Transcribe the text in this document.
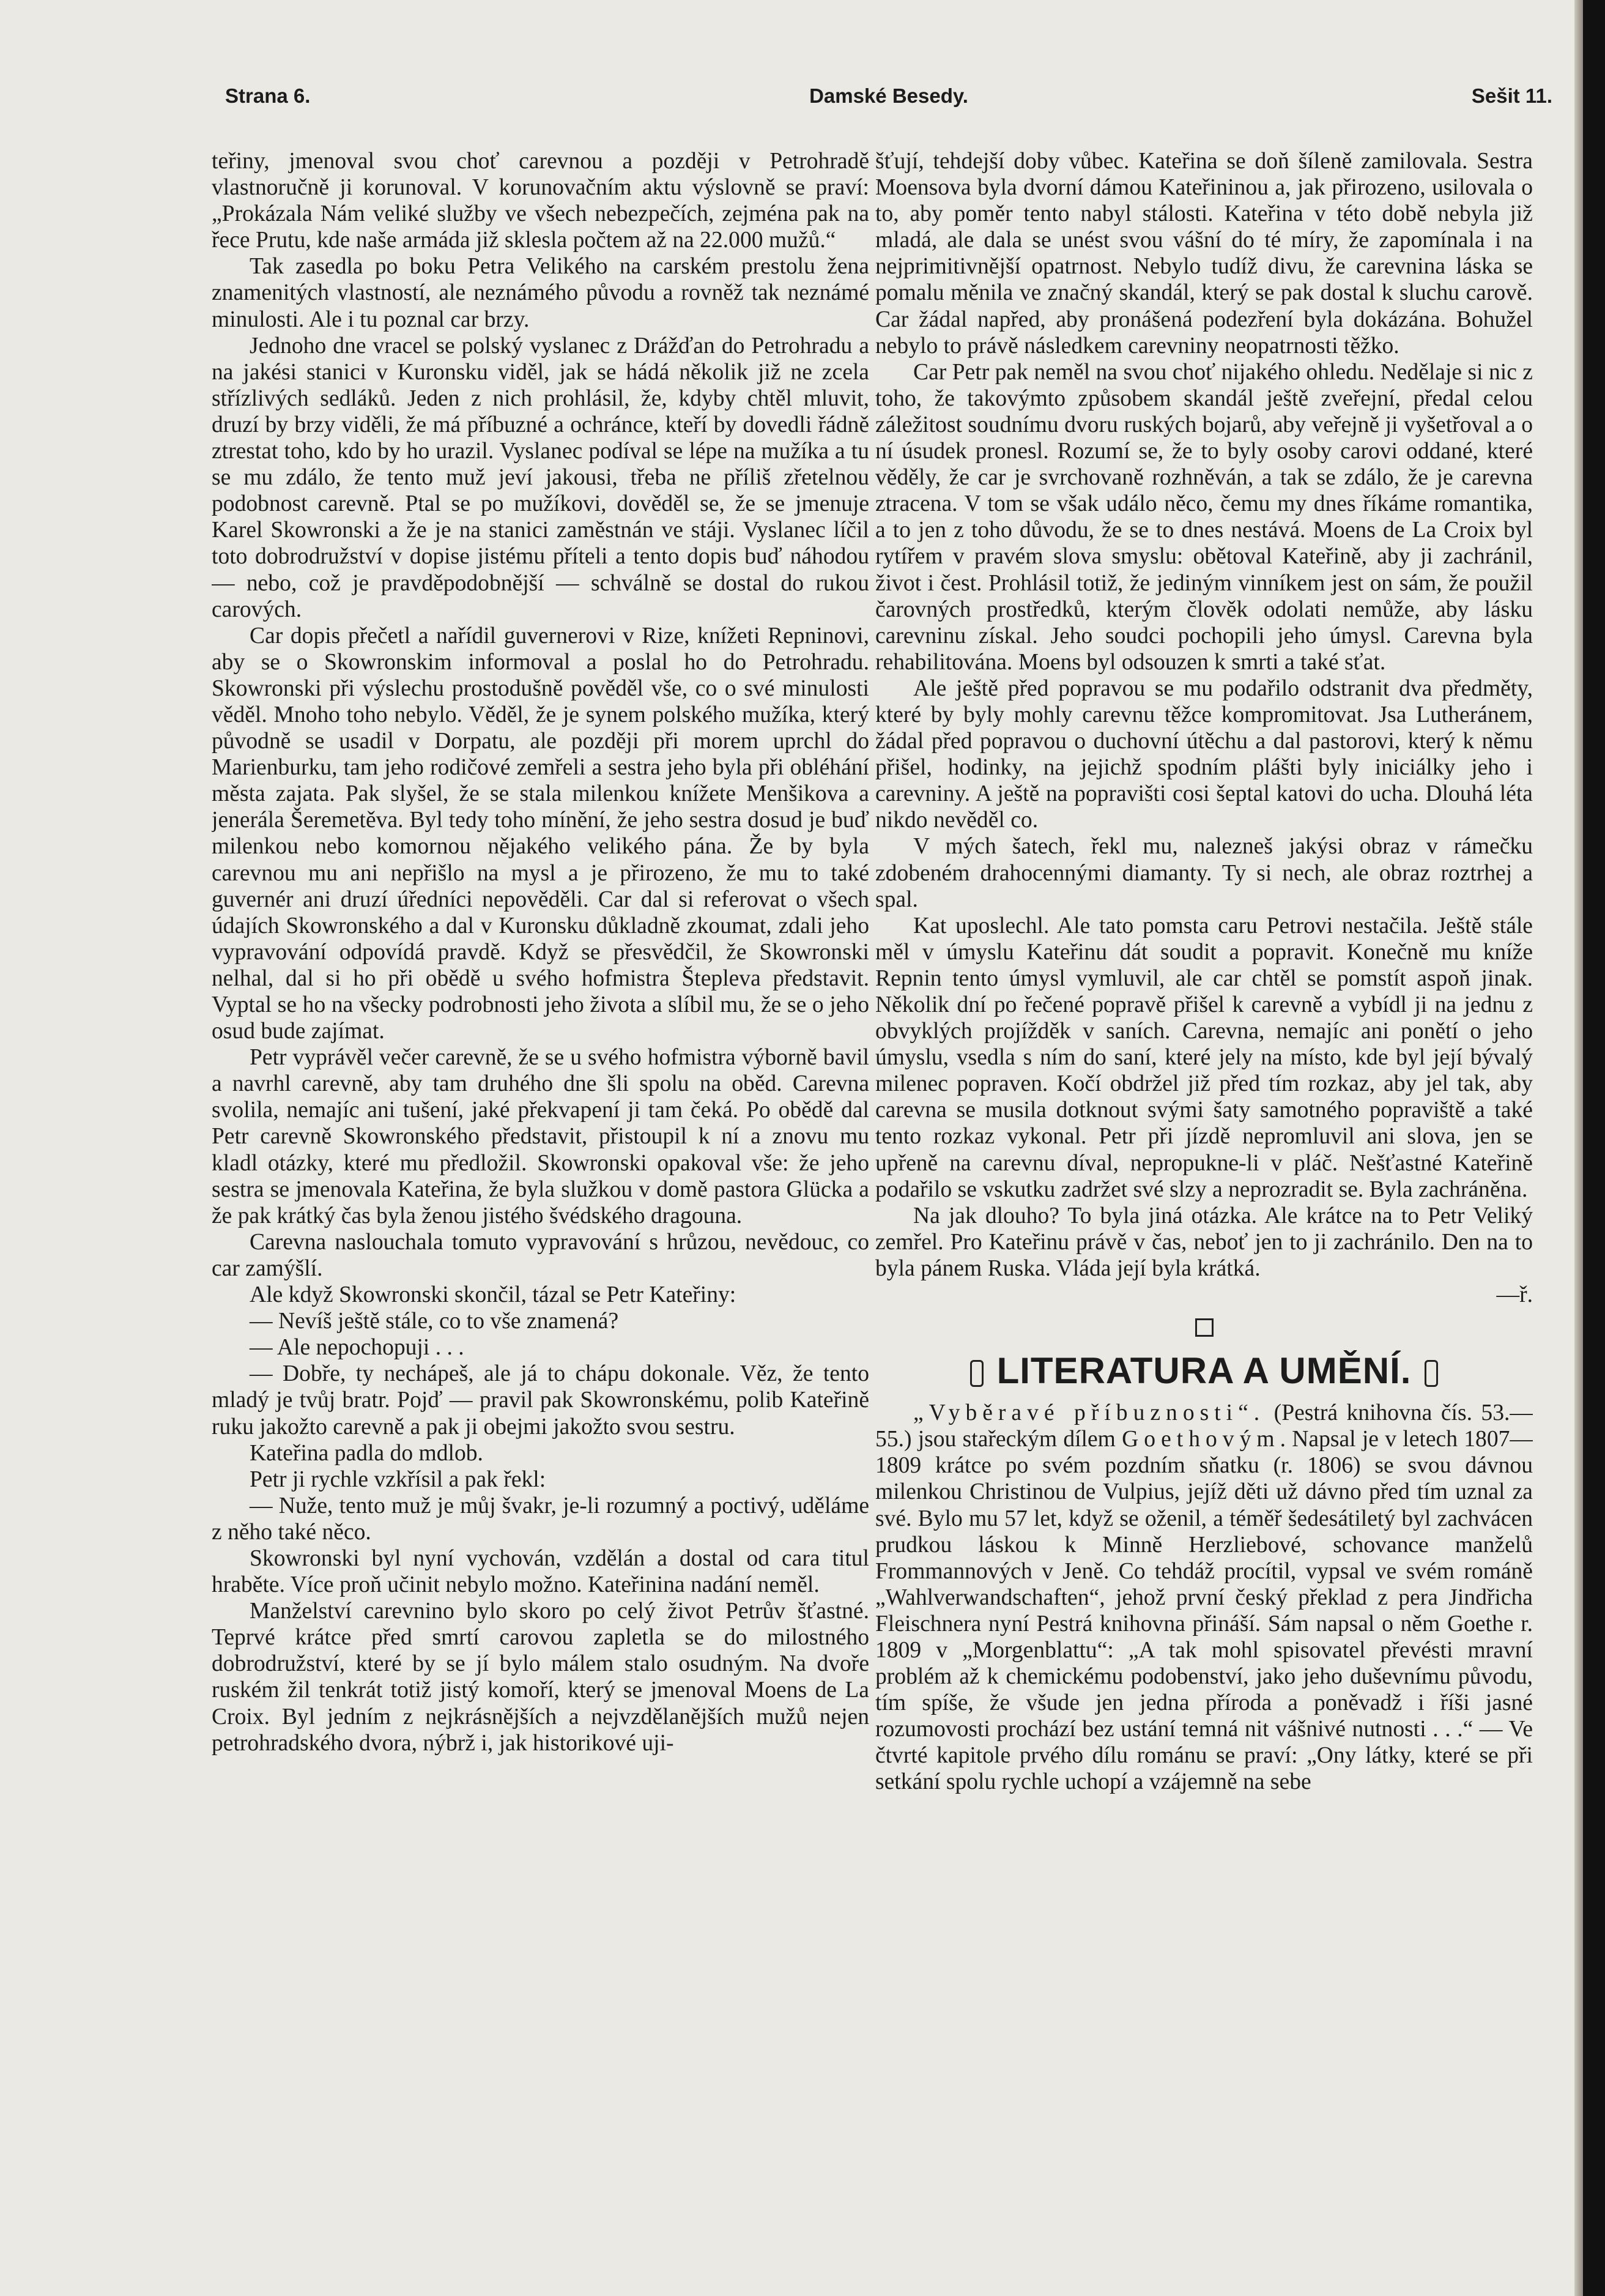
Strana 6.	Damské Besedy.	Sešit 11.

teřiny, jmenoval svou choť carevnou a později v Petrohradě vlastnoručně ji korunoval. V korunovačním aktu výslovně se praví: „Prokázala Nám veliké služby ve všech nebezpečích, zejména pak na řece Prutu, kde naše armáda již sklesla počtem až na 22.000 mužů.“

Tak zasedla po boku Petra Velikého na carském prestolu žena znamenitých vlastností, ale neznámého původu a rovněž tak neznámé minulosti. Ale i tu poznal car brzy.

Jednoho dne vracel se polský vyslanec z Drážďan do Petrohradu a na jakési stanici v Kuronsku viděl, jak se hádá několik již ne zcela střízlivých sedláků. Jeden z nich prohlásil, že, kdyby chtěl mluvit, druzí by brzy viděli, že má příbuzné a ochránce, kteří by dovedli řádně ztrestat toho, kdo by ho urazil. Vyslanec podíval se lépe na mužíka a tu se mu zdálo, že tento muž jeví jakousi, třeba ne příliš zřetelnou podobnost carevně. Ptal se po mužíkovi, dověděl se, že se jmenuje Karel Skowronski a že je na stanici zaměstnán ve stáji. Vyslanec líčil toto dobrodružství v dopise jistému příteli a tento dopis buď náhodou — nebo, což je pravděpodobnější — schválně se dostal do rukou carových.

Car dopis přečetl a nařídil guvernerovi v Rize, knížeti Repninovi, aby se o Skowronskim informoval a poslal ho do Petrohradu. Skowronski při výslechu prostodušně pověděl vše, co o své minulosti věděl. Mnoho toho nebylo. Věděl, že je synem polského mužíka, který původně se usadil v Dorpatu, ale později při morem uprchl do Marienburku, tam jeho rodičové zemřeli a sestra jeho byla při obléhání města zajata. Pak slyšel, že se stala milenkou knížete Menšikova a jenerála Šeremetěva. Byl tedy toho mínění, že jeho sestra dosud je buď milenkou nebo komornou nějakého velikého pána. Že by byla carevnou mu ani nepřišlo na mysl a je přirozeno, že mu to také guvernér ani druzí úředníci nepověděli. Car dal si referovat o všech údajích Skowronského a dal v Kuronsku důkladně zkoumat, zdali jeho vypravování odpovídá pravdě. Když se přesvědčil, že Skowronski nelhal, dal si ho při obědě u svého hofmistra Štepleva představit. Vyptal se ho na všecky podrobnosti jeho života a slíbil mu, že se o jeho osud bude zajímat.

Petr vyprávěl večer carevně, že se u svého hofmistra výborně bavil a navrhl carevně, aby tam druhého dne šli spolu na oběd. Carevna svolila, nemajíc ani tušení, jaké překvapení ji tam čeká. Po obědě dal Petr carevně Skowronského představit, přistoupil k ní a znovu mu kladl otázky, které mu předložil. Skowronski opakoval vše: že jeho sestra se jmenovala Kateřina, že byla služkou v domě pastora Glücka a že pak krátký čas byla ženou jistého švédského dragouna.

Carevna naslouchala tomuto vypravování s hrůzou, nevědouc, co car zamýšlí.

Ale když Skowronski skončil, tázal se Petr Kateřiny:

— Nevíš ještě stále, co to vše znamená?

— Ale nepochopuji . . .

— Dobře, ty nechápeš, ale já to chápu dokonale. Věz, že tento mladý je tvůj bratr. Pojď — pravil pak Skowronskému, polib Kateřině ruku jakožto carevně a pak ji obejmi jakožto svou sestru.

Kateřina padla do mdlob.

Petr ji rychle vzkřísil a pak řekl:

— Nuže, tento muž je můj švakr, je-li rozumný a poctivý, uděláme z něho také něco.

Skowronski byl nyní vychován, vzdělán a dostal od cara titul hraběte. Více proň učinit nebylo možno. Kateřinina nadání neměl.

Manželství carevnino bylo skoro po celý život Petrův šťastné. Teprvé krátce před smrtí carovou zapletla se do milostného dobrodružství, které by se jí bylo málem stalo osudným. Na dvoře ruském žil tenkrát totiž jistý komoří, který se jmenoval Moens de La Croix. Byl jedním z nejkrásnějších a nejvzdělanějších mužů nejen petrohradského dvora, nýbrž i, jak historikové uji-

šťují, tehdejší doby vůbec. Kateřina se doň šíleně zamilovala. Sestra Moensova byla dvorní dámou Kateřininou a, jak přirozeno, usilovala o to, aby poměr tento nabyl stálosti. Kateřina v této době nebyla již mladá, ale dala se unést svou vášní do té míry, že zapomínala i na nejprimitivnější opatrnost. Nebylo tudíž divu, že carevnina láska se pomalu měnila ve značný skandál, který se pak dostal k sluchu carově. Car žádal napřed, aby pronášená podezření byla dokázána. Bohužel nebylo to právě následkem carevniny neopatrnosti těžko.

Car Petr pak neměl na svou choť nijakého ohledu. Nedělaje si nic z toho, že takovýmto způsobem skandál ještě zveřejní, předal celou záležitost soudnímu dvoru ruských bojarů, aby veřejně ji vyšetřoval a o ní úsudek pronesl. Rozumí se, že to byly osoby carovi oddané, které věděly, že car je svrchovaně rozhněván, a tak se zdálo, že je carevna ztracena. V tom se však událo něco, čemu my dnes říkáme romantika, a to jen z toho důvodu, že se to dnes nestává. Moens de La Croix byl rytířem v pravém slova smyslu: obětoval Kateřině, aby ji zachránil, život i čest. Prohlásil totiž, že jediným vinníkem jest on sám, že použil čarovných prostředků, kterým člověk odolati nemůže, aby lásku carevninu získal. Jeho soudci pochopili jeho úmysl. Carevna byla rehabilitována. Moens byl odsouzen k smrti a také sťat.

Ale ještě před popravou se mu podařilo odstranit dva předměty, které by byly mohly carevnu těžce kompromitovat. Jsa Lutheránem, žádal před popravou o duchovní útěchu a dal pastorovi, který k němu přišel, hodinky, na jejichž spodním plášti byly iniciálky jeho i carevniny. A ještě na popravišti cosi šeptal katovi do ucha. Dlouhá léta nikdo nevěděl co.

V mých šatech, řekl mu, nalezneš jakýsi obraz v rámečku zdobeném drahocennými diamanty. Ty si nech, ale obraz roztrhej a spal.

Kat uposlechl. Ale tato pomsta caru Petrovi nestačila. Ještě stále měl v úmyslu Kateřinu dát soudit a popravit. Konečně mu kníže Repnin tento úmysl vymluvil, ale car chtěl se pomstít aspoň jinak. Několik dní po řečené popravě přišel k carevně a vybídl ji na jednu z obvyklých projížděk v saních. Carevna, nemajíc ani ponětí o jeho úmyslu, vsedla s ním do saní, které jely na místo, kde byl její bývalý milenec popraven. Kočí obdržel již před tím rozkaz, aby jel tak, aby carevna se musila dotknout svými šaty samotného popraviště a také tento rozkaz vykonal. Petr při jízdě nepromluvil ani slova, jen se upřeně na carevnu díval, nepropukne-li v pláč. Nešťastné Kateřině podařilo se vskutku zadržet své slzy a neprozradit se. Byla zachráněna.

Na jak dlouho? To byla jiná otázka. Ale krátce na to Petr Veliký zemřel. Pro Kateřinu právě v čas, neboť jen to ji zachránilo. Den na to byla pánem Ruska. Vláda její byla krátká.

—ř.

LITERATURA A UMĚNÍ.

„Vyběravé příbuznosti“. (Pestrá knihovna čís. 53.—55.) jsou stařeckým dílem Goethovým. Napsal je v letech 1807—1809 krátce po svém pozdním sňatku (r. 1806) se svou dávnou milenkou Christinou de Vulpius, jejíž děti už dávno před tím uznal za své. Bylo mu 57 let, když se oženil, a téměř šedesátiletý byl zachvácen prudkou láskou k Minně Herzliebové, schovance manželů Frommannových v Jeně. Co tehdáž procítil, vypsal ve svém románě „Wahlverwandschaften“, jehož první český překlad z pera Jindřicha Fleischnera nyní Pestrá knihovna přináší. Sám napsal o něm Goethe r. 1809 v „Morgenblattu“: „A tak mohl spisovatel převésti mravní problém až k chemickému podobenství, jako jeho duševnímu původu, tím spíše, že všude jen jedna příroda a poněvadž i říši jasné rozumovosti prochází bez ustání temná nit vášnivé nutnosti . . .“ — Ve čtvrté kapitole prvého dílu románu se praví: „Ony látky, které se při setkání spolu rychle uchopí a vzájemně na sebe
